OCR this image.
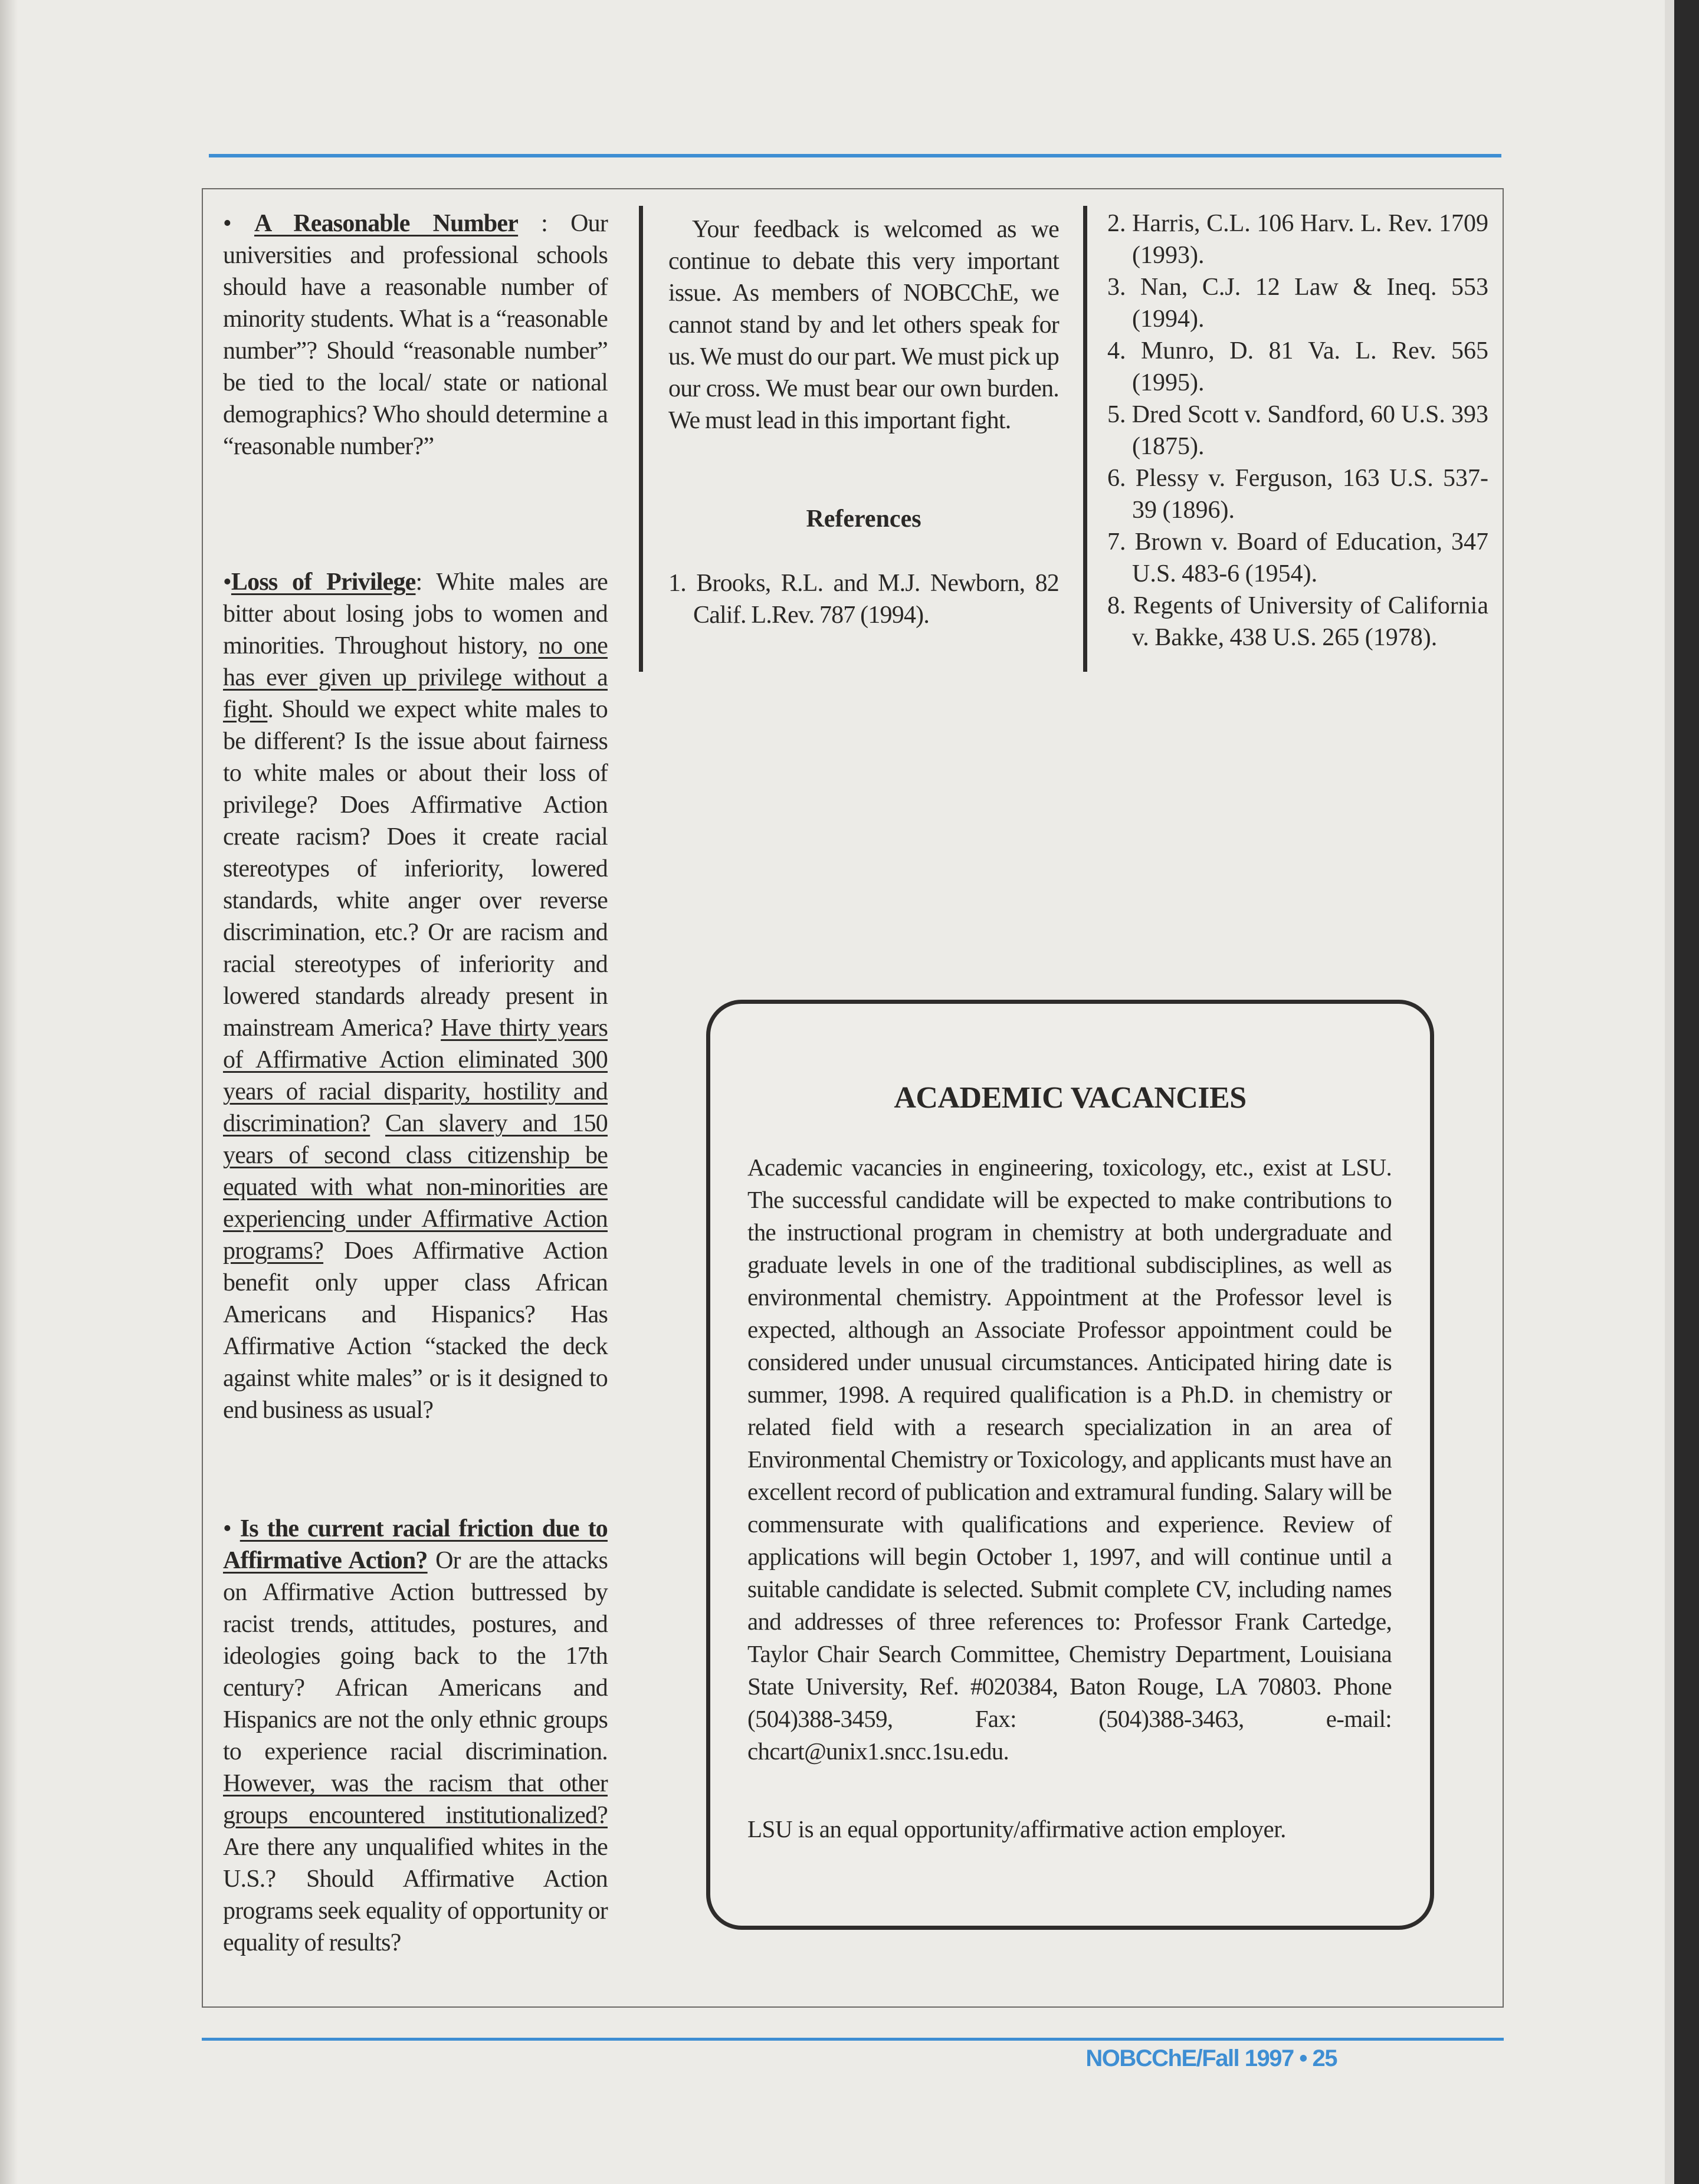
• A Reasonable Number : Our universities and professional schools should have a reasonable number of minority students. What is a “reasonable number”? Should “reasonable number” be tied to the local/ state or national demographics? Who should determine a “reasonable number?”

•Loss of Privilege: White males are bitter about losing jobs to women and minorities. Throughout history, no one has ever given up privilege without a fight. Should we expect white males to be different? Is the issue about fairness to white males or about their loss of privilege? Does Affirmative Action create racism? Does it create racial stereotypes of inferiority, lowered standards, white anger over reverse discrimination, etc.? Or are racism and racial stereotypes of inferiority and lowered standards already present in mainstream America? Have thirty years of Affirmative Action eliminated 300 years of racial disparity, hostility and discrimination? Can slavery and 150 years of second class citizenship be equated with what non-minorities are experiencing under Affirmative Action programs? Does Affirmative Action benefit only upper class African Americans and Hispanics? Has Affirmative Action “stacked the deck against white males” or is it designed to end business as usual?

• Is the current racial friction due to Affirmative Action? Or are the attacks on Affirmative Action buttressed by racist trends, attitudes, postures, and ideologies going back to the 17th century? African Americans and Hispanics are not the only ethnic groups to experience racial discrimination. However, was the racism that other groups encountered institutionalized? Are there any unqualified whites in the U.S.? Should Affirmative Action programs seek equality of opportunity or equality of results?

Your feedback is welcomed as we continue to debate this very important issue. As members of NOBCChE, we cannot stand by and let others speak for us. We must do our part. We must pick up our cross. We must bear our own burden. We must lead in this important fight.

References

1. Brooks, R.L. and M.J. Newborn, 82 Calif. L.Rev. 787 (1994).

2. Harris, C.L. 106 Harv. L. Rev. 1709 (1993).

3. Nan, C.J. 12 Law & Ineq. 553 (1994).

4. Munro, D. 81 Va. L. Rev. 565 (1995).

5. Dred Scott v. Sandford, 60 U.S. 393 (1875).

6. Plessy v. Ferguson, 163 U.S. 537-39 (1896).

7. Brown v. Board of Education, 347 U.S. 483-6 (1954).

8. Regents of University of California v. Bakke, 438 U.S. 265 (1978).

ACADEMIC VACANCIES

Academic vacancies in engineering, toxicology, etc., exist at LSU. The successful candidate will be expected to make contributions to the instructional program in chemistry at both undergraduate and graduate levels in one of the traditional subdisciplines, as well as environmental chemistry. Appointment at the Professor level is expected, although an Associate Professor appointment could be considered under unusual circumstances. Anticipated hiring date is summer, 1998. A required qualification is a Ph.D. in chemistry or related field with a research specialization in an area of Environmental Chemistry or Toxicology, and applicants must have an excellent record of publication and extramural funding. Salary will be commensurate with qualifications and experience. Review of applications will begin October 1, 1997, and will continue until a suitable candidate is selected. Submit complete CV, including names and addresses of three references to: Professor Frank Cartedge, Taylor Chair Search Committee, Chemistry Department, Louisiana State University, Ref. #020384, Baton Rouge, LA 70803. Phone (504)388-3459, Fax: (504)388-3463, e-mail: chcart@unix1.sncc.1su.edu.

LSU is an equal opportunity/affirmative action employer.

NOBCChE/Fall 1997 • 25
